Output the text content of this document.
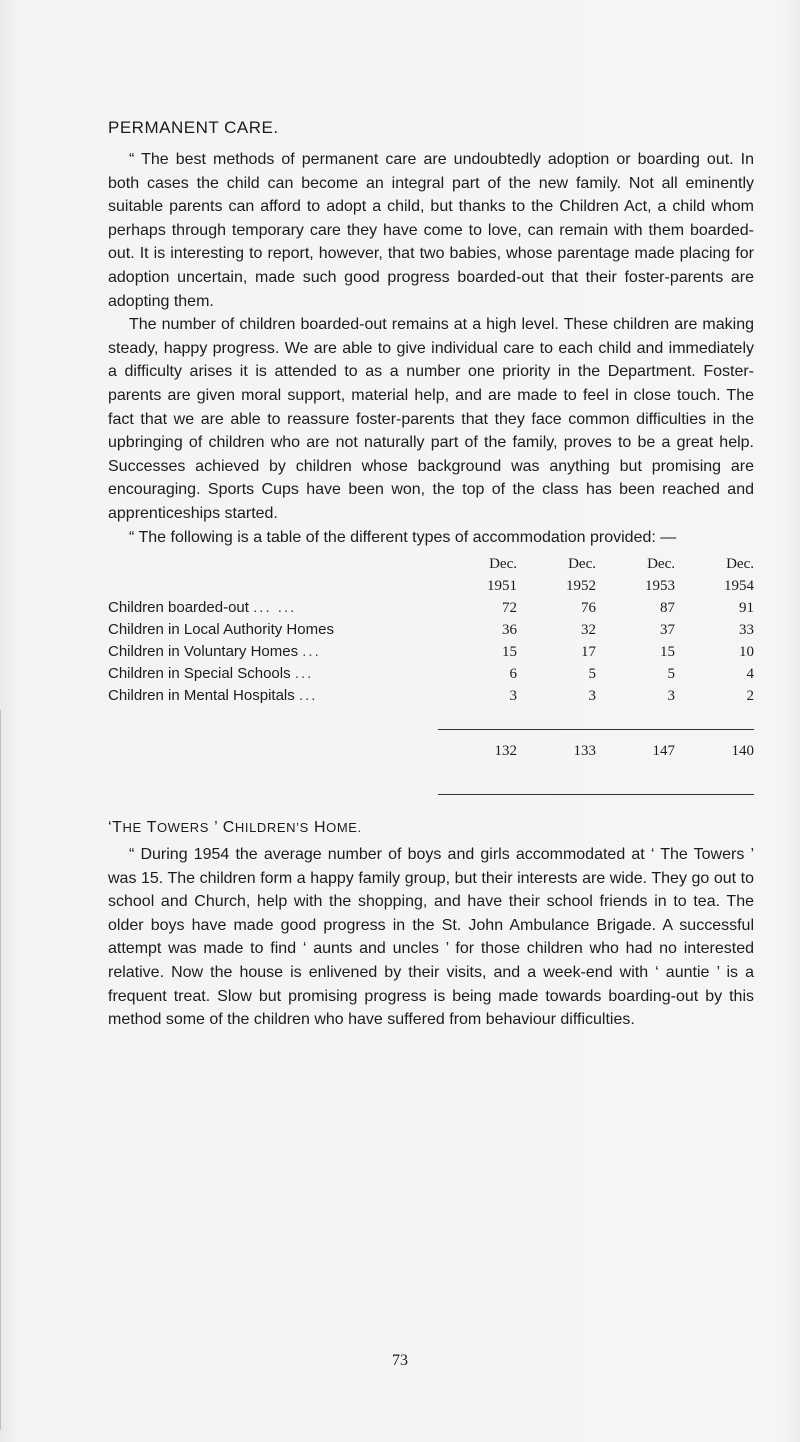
PERMANENT CARE.

“ The best methods of permanent care are undoubtedly adoption or boarding out. In both cases the child can become an integral part of the new family. Not all eminently suitable parents can afford to adopt a child, but thanks to the Children Act, a child whom perhaps through temporary care they have come to love, can remain with them boarded-out. It is interesting to report, however, that two babies, whose parentage made placing for adoption uncertain, made such good progress boarded-out that their foster-parents are adopting them.

The number of children boarded-out remains at a high level. These children are making steady, happy progress. We are able to give individual care to each child and immediately a difficulty arises it is attended to as a number one priority in the Department. Foster-parents are given moral support, material help, and are made to feel in close touch. The fact that we are able to reassure foster-parents that they face common difficulties in the upbringing of children who are not naturally part of the family, proves to be a great help. Successes achieved by children whose background was anything but promising are encouraging. Sports Cups have been won, the top of the class has been reached and apprenticeships started.

“ The following is a table of the different types of accommodation provided: —

	Dec.	Dec.	Dec.	Dec.
	1951	1952	1953	1954
Children boarded-out ... ...	72	76	87	91
Children in Local Authority Homes	36	32	37	33
Children in Voluntary Homes ...	15	17	15	10
Children in Special Schools ...	6	5	5	4
Children in Mental Hospitals ...	3	3	3	2

	132	133	147	140

‘THE TOWERS ’ CHILDREN’S HOME.

“ During 1954 the average number of boys and girls accommodated at ‘ The Towers ’ was 15. The children form a happy family group, but their interests are wide. They go out to school and Church, help with the shopping, and have their school friends in to tea. The older boys have made good progress in the St. John Ambulance Brigade. A successful attempt was made to find ‘ aunts and uncles ’ for those children who had no interested relative. Now the house is enlivened by their visits, and a week-end with ‘ auntie ’ is a frequent treat. Slow but promising progress is being made towards boarding-out by this method some of the children who have suffered from behaviour difficulties.

73
